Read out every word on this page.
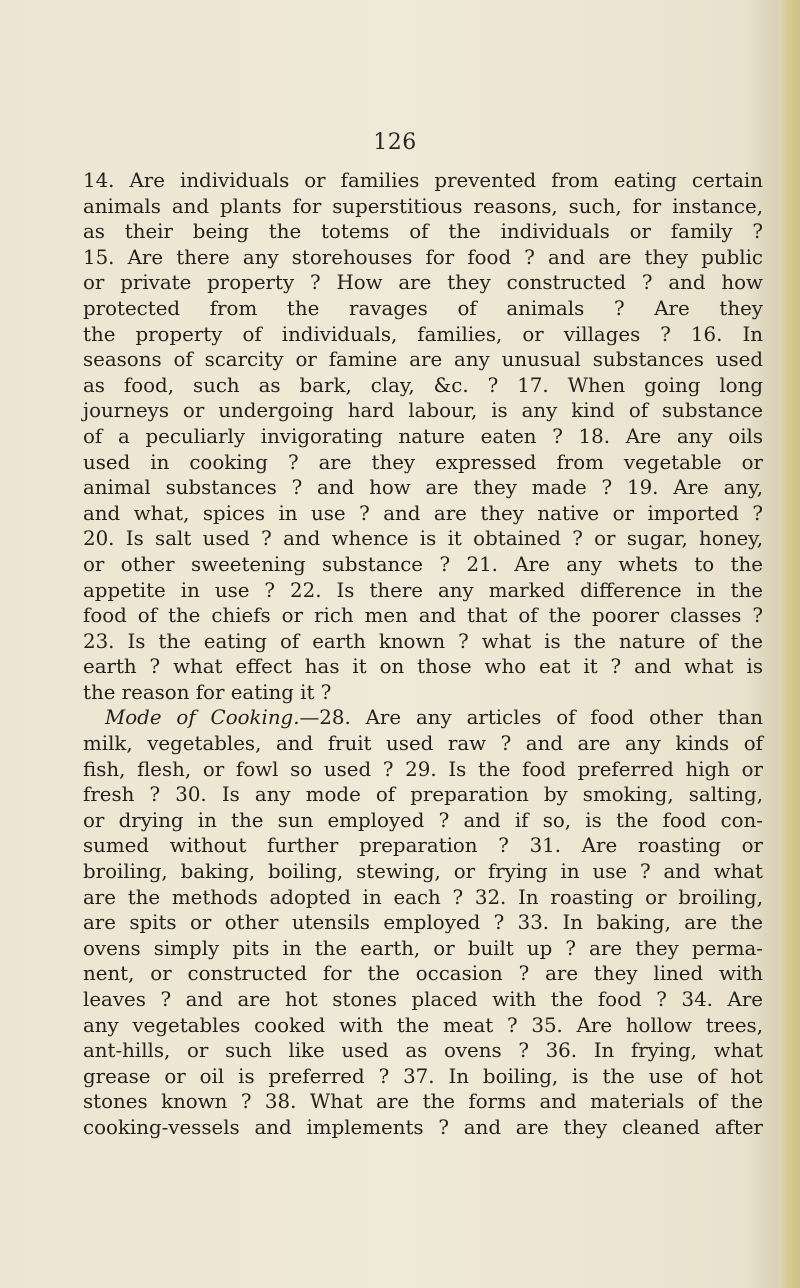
126
14. Are individuals or families prevented from eating certain
animals and plants for superstitious reasons, such, for instance,
as their being the totems of the individuals or family ?
15. Are there any storehouses for food ? and are they public
or private property ? How are they constructed ? and how
protected from the ravages of animals ? Are they
the property of individuals, families, or villages ? 16. In
seasons of scarcity or famine are any unusual substances used
as food, such as bark, clay, &c. ? 17. When going long
journeys or undergoing hard labour, is any kind of substance
of a peculiarly invigorating nature eaten ? 18. Are any oils
used in cooking ? are they expressed from vegetable or
animal substances ? and how are they made ? 19. Are any,
and what, spices in use ? and are they native or imported ?
20. Is salt used ? and whence is it obtained ? or sugar, honey,
or other sweetening substance ? 21. Are any whets to the
appetite in use ? 22. Is there any marked difference in the
food of the chiefs or rich men and that of the poorer classes ?
23. Is the eating of earth known ? what is the nature of the
earth ? what effect has it on those who eat it ? and what is
the reason for eating it ?
Mode of Cooking.—28. Are any articles of food other than
milk, vegetables, and fruit used raw ? and are any kinds of
fish, flesh, or fowl so used ? 29. Is the food preferred high or
fresh ? 30. Is any mode of preparation by smoking, salting,
or drying in the sun employed ? and if so, is the food con-
sumed without further preparation ? 31. Are roasting or
broiling, baking, boiling, stewing, or frying in use ? and what
are the methods adopted in each ? 32. In roasting or broiling,
are spits or other utensils employed ? 33. In baking, are the
ovens simply pits in the earth, or built up ? are they perma-
nent, or constructed for the occasion ? are they lined with
leaves ? and are hot stones placed with the food ? 34. Are
any vegetables cooked with the meat ? 35. Are hollow trees,
ant-hills, or such like used as ovens ? 36. In frying, what
grease or oil is preferred ? 37. In boiling, is the use of hot
stones known ? 38. What are the forms and materials of the
cooking-vessels and implements ? and are they cleaned after
